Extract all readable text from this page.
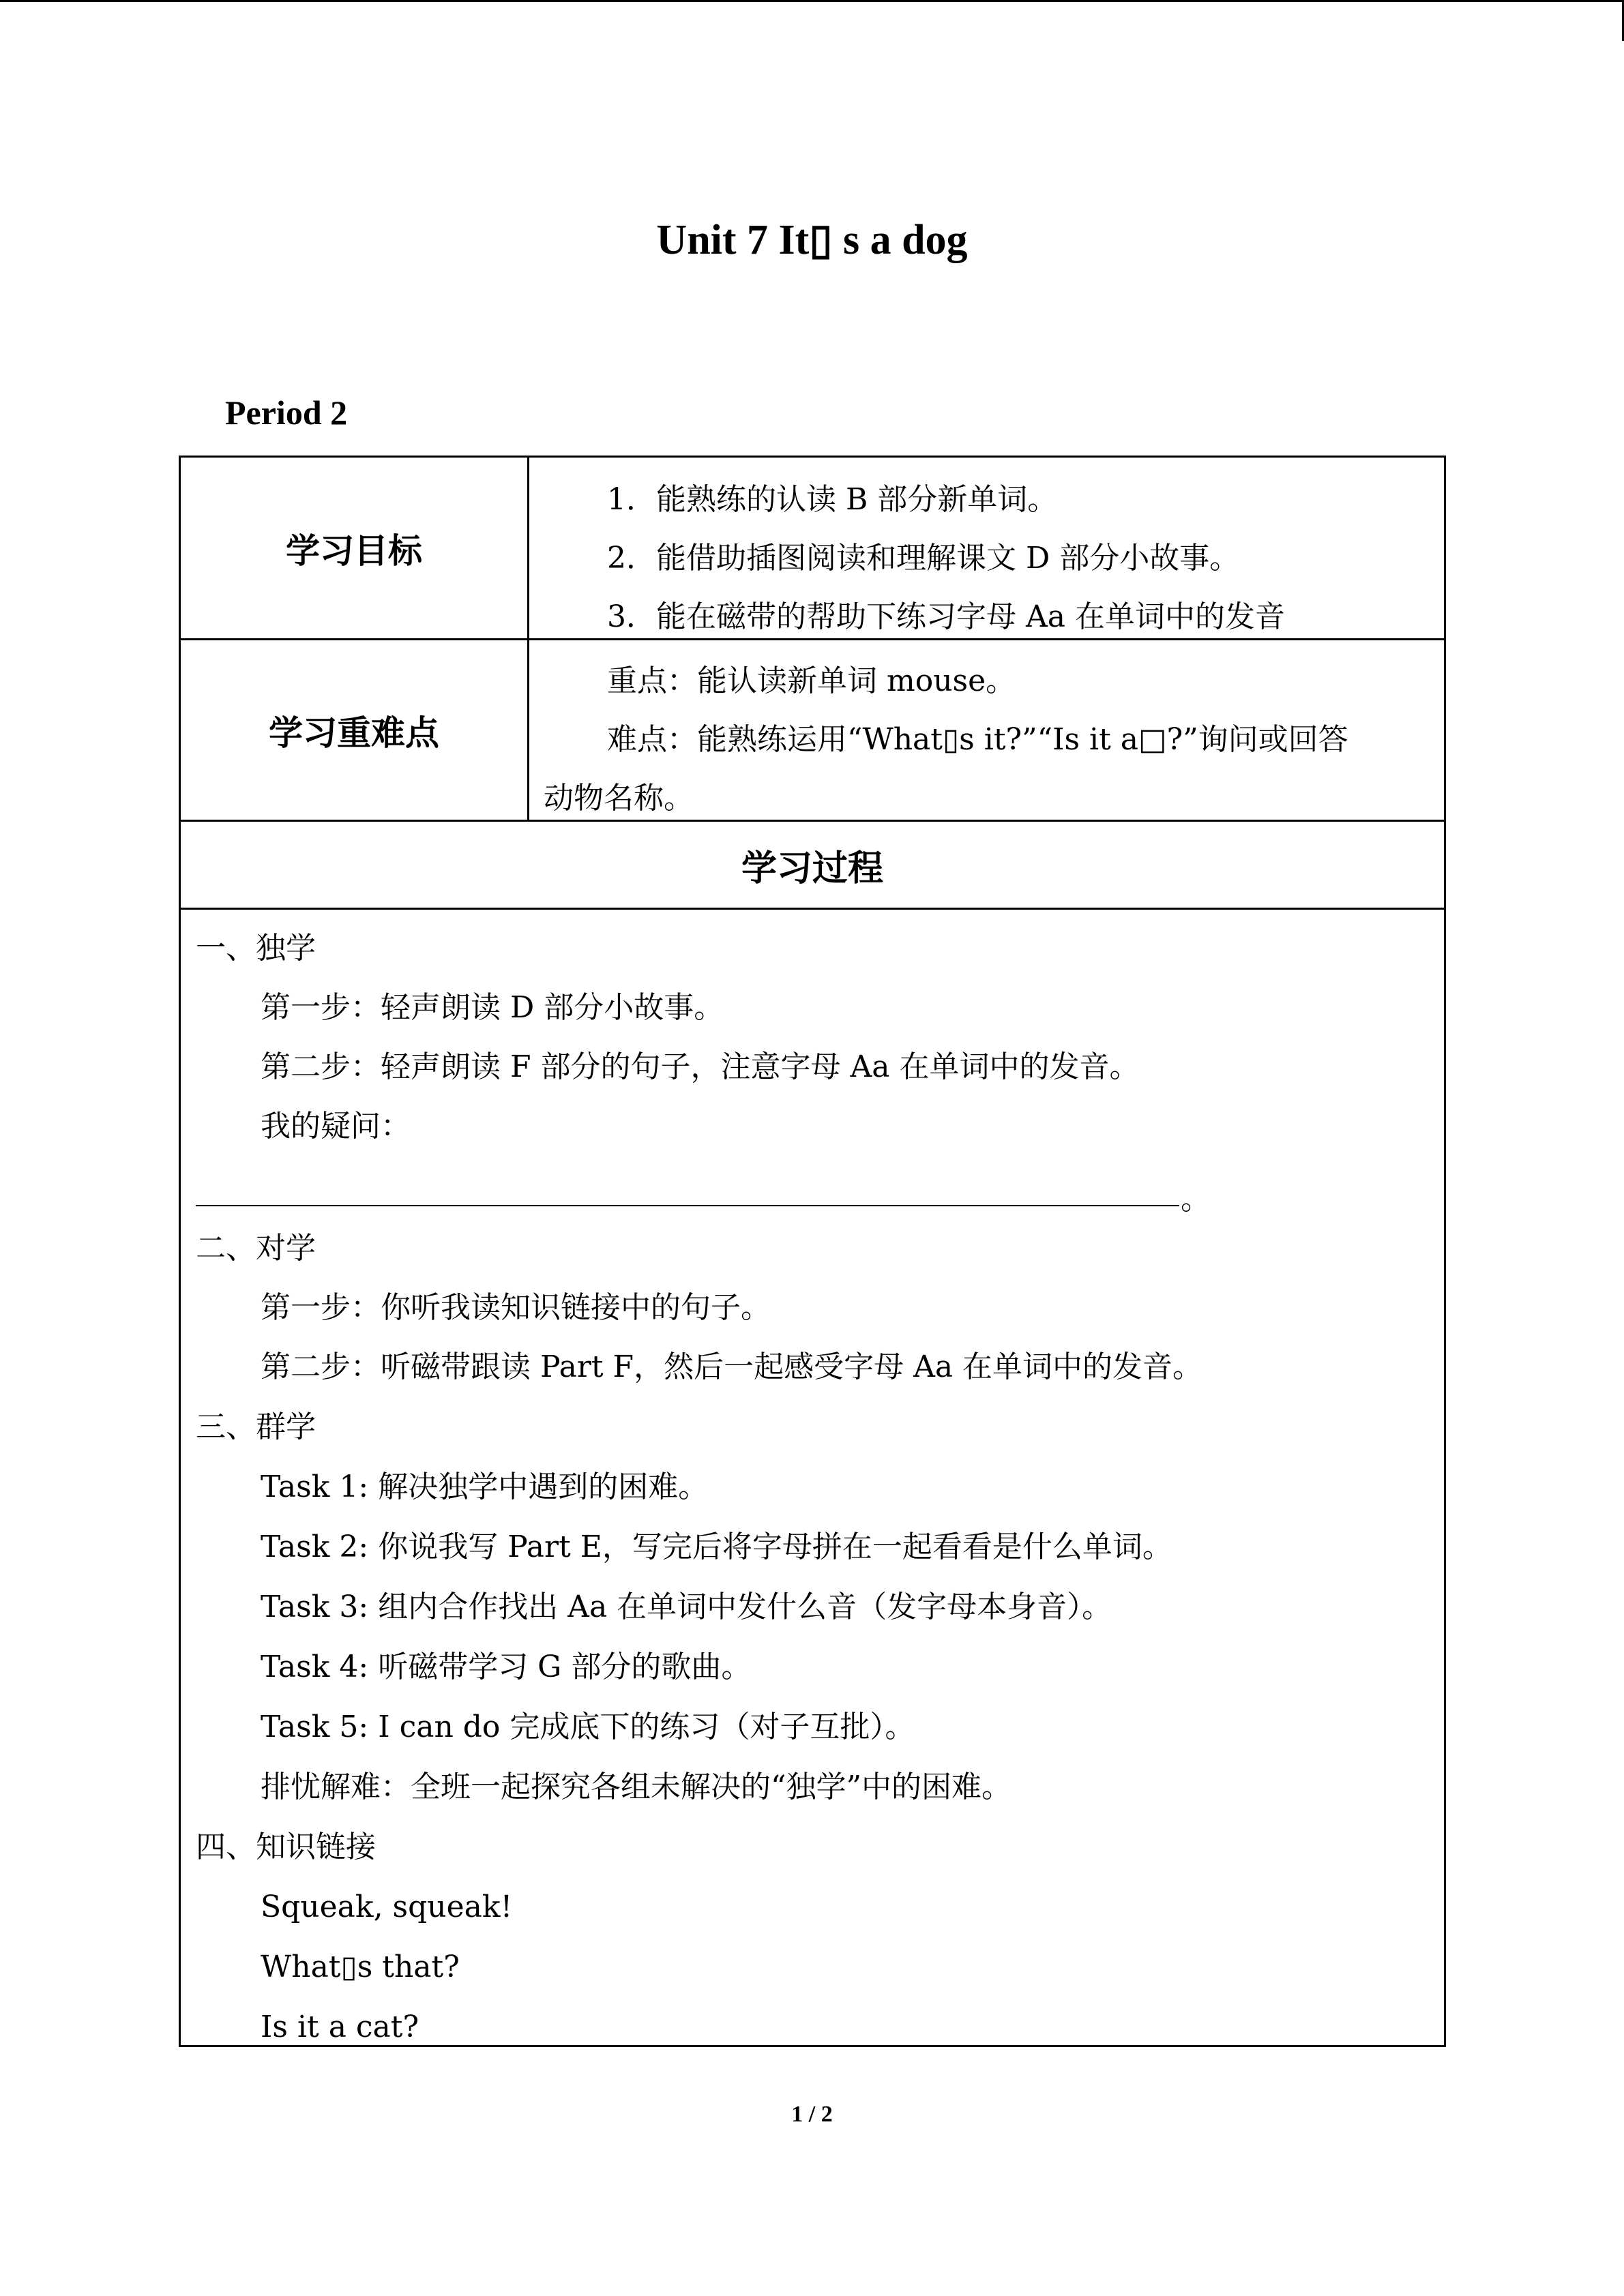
Unit 7 It▯ s a dog
Period 2
学习目标
1．能熟练的认读 B 部分新单词。
2．能借助插图阅读和理解课文 D 部分小故事。
3．能在磁带的帮助下练习字母 Aa 在单词中的发音
学习重难点
重点：能认读新单词 mouse。
难点：能熟练运用“What▯s it?”“Is it a□?”询问或回答
动物名称。
学习过程
一、独学
第一步：轻声朗读 D 部分小故事。
第二步：轻声朗读 F 部分的句子，注意字母 Aa 在单词中的发音。
我的疑问：
。
二、对学
第一步：你听我读知识链接中的句子。
第二步：听磁带跟读 Part F，然后一起感受字母 Aa 在单词中的发音。
三、群学
Task 1: 解决独学中遇到的困难。
Task 2: 你说我写 Part E，写完后将字母拼在一起看看是什么单词。
Task 3: 组内合作找出 Aa 在单词中发什么音（发字母本身音）。
Task 4: 听磁带学习 G 部分的歌曲。
Task 5: I can do 完成底下的练习（对子互批）。
排忧解难：全班一起探究各组未解决的“独学”中的困难。
四、知识链接
Squeak, squeak!
What▯s that?
Is it a cat?
1 / 2
